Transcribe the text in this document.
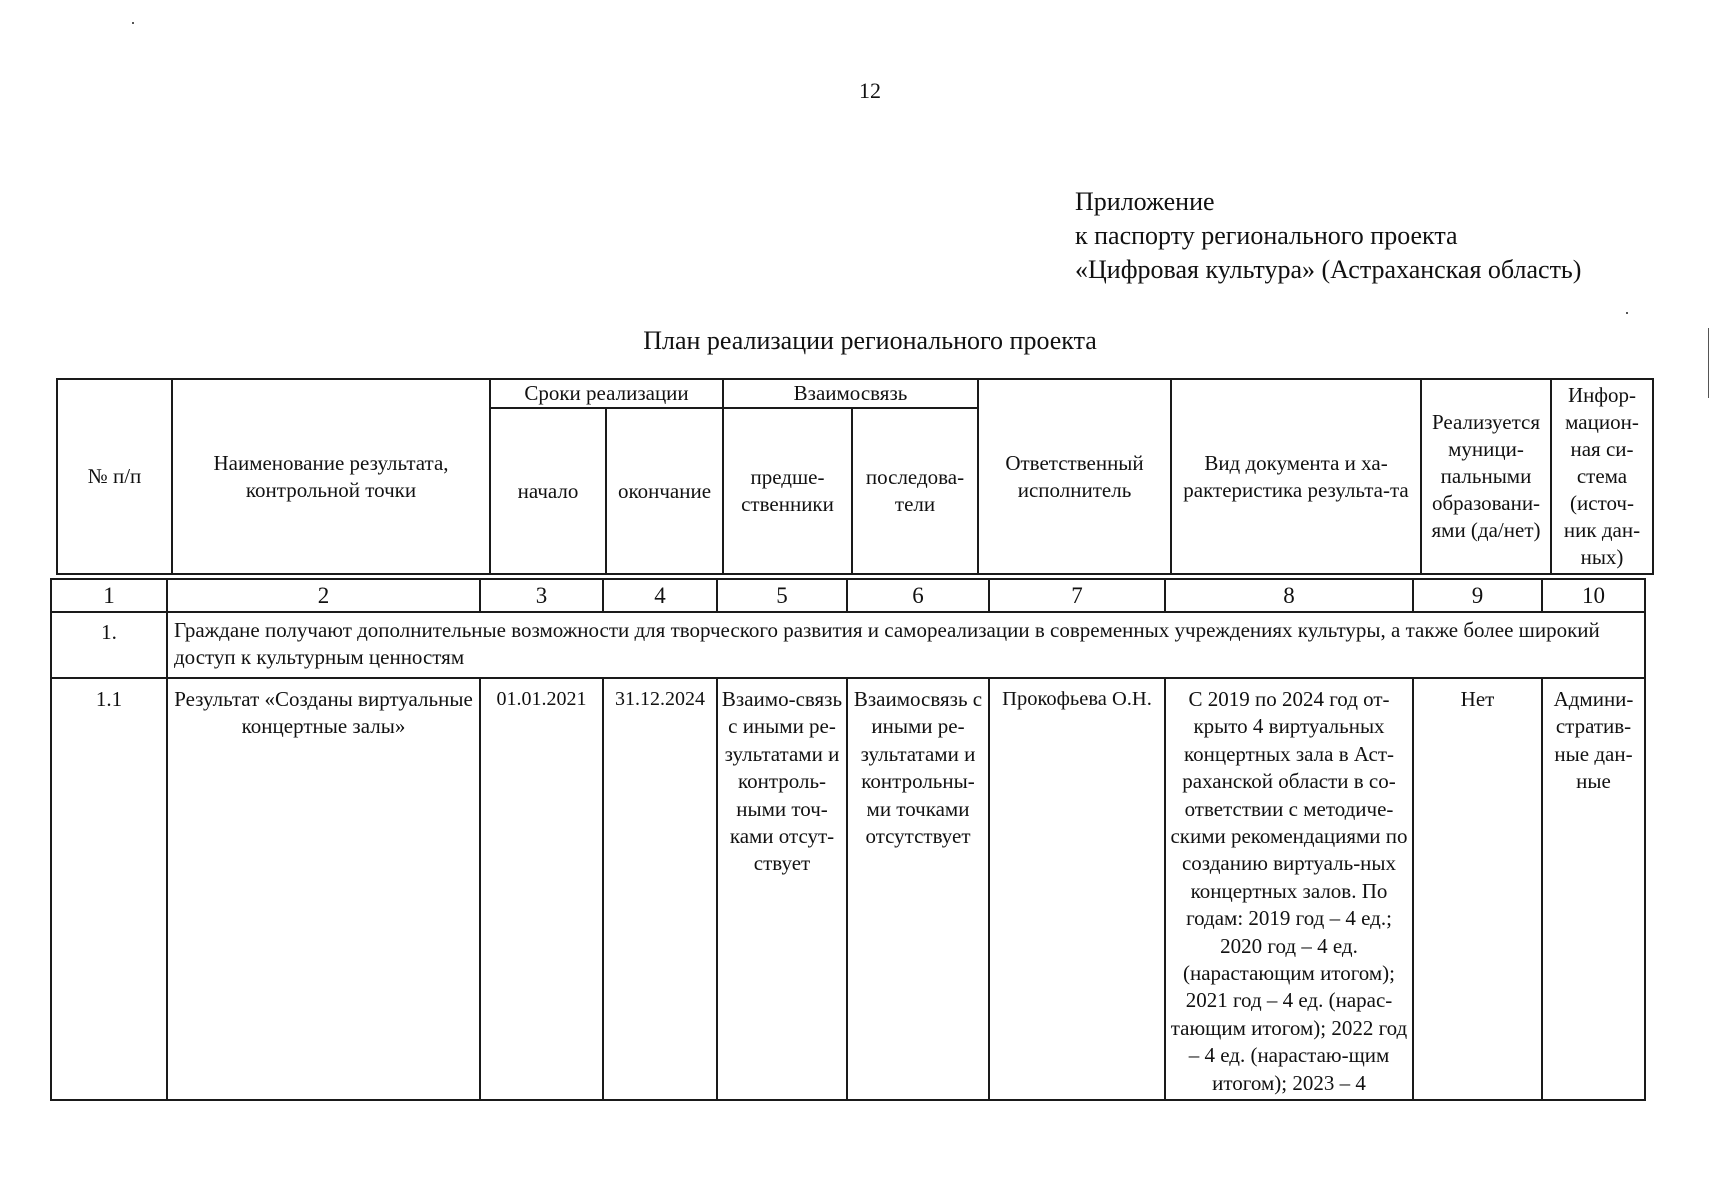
12
Приложение
к паспорту регионального проекта
«Цифровая культура» (Астраханская область)
План реализации регионального проекта
№ п/п	Наименование результата, контрольной точки	Сроки реализации		Взаимосвязь		Ответственный исполнитель	Вид документа и ха-рактеристика результа-та	Реализуется муници-пальными образовани-ями (да/нет)	Инфор-мацион-ная си-стема (источ-ник дан-ных)
		начало	окончание	предше-ственники	последова-тели				
1	2	3	4	5	6	7	8	9	10
1.	Граждане получают дополнительные возможности для творческого развития и самореализации в современных учреждениях культуры, а также более широкий доступ к культурным ценностям								
1.1	Результат «Созданы виртуальные концертные залы»	01.01.2021	31.12.2024	Взаимо-связь с иными ре-зультатами и контроль-ными точ-ками отсут-ствует	Взаимосвязь с иными ре-зультатами и контрольны-ми точками отсутствует	Прокофьева О.Н.	С 2019 по 2024 год от-крыто 4 виртуальных концертных зала в Аст-раханской области в со-ответствии с методиче-скими рекомендациями по созданию виртуаль-ных концертных залов. По годам: 2019 год – 4 ед.; 2020 год – 4 ед. (нарастающим итогом); 2021 год – 4 ед. (нарас-тающим итогом); 2022 год – 4 ед. (нарастаю-щим итогом); 2023 – 4	Нет	Админи-стратив-ные дан-ные
